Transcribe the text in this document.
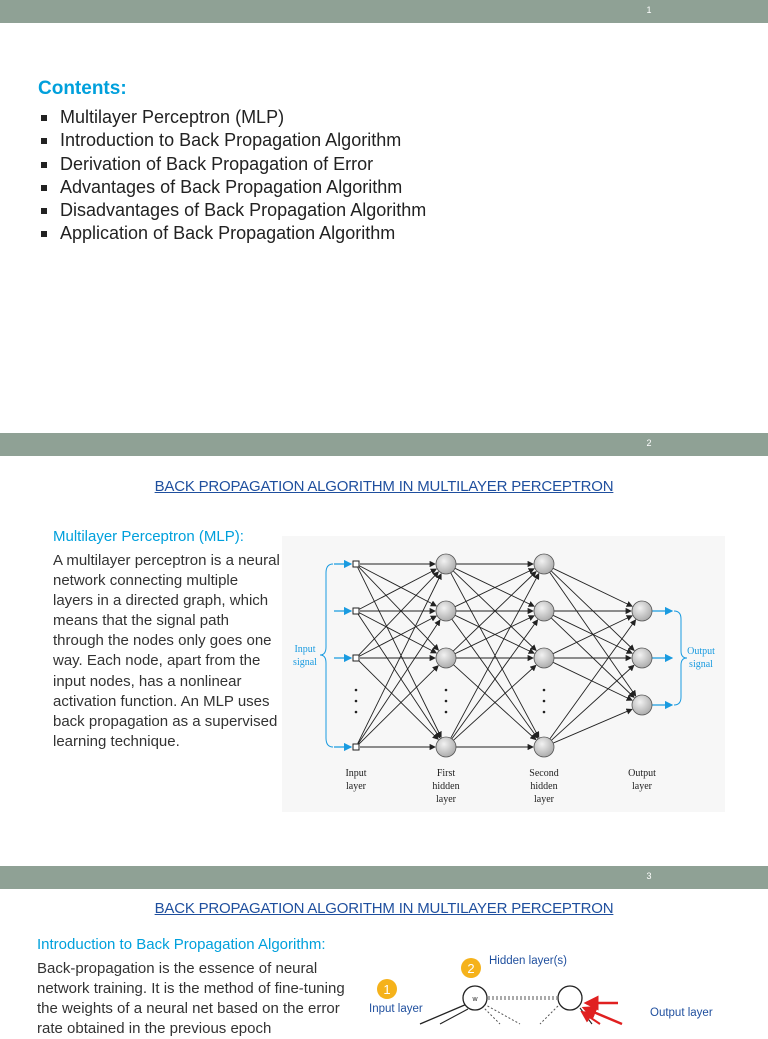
1
Contents:
Multilayer Perceptron (MLP)
Introduction to Back Propagation Algorithm
Derivation of Back Propagation of Error
Advantages of Back Propagation Algorithm
Disadvantages of Back Propagation Algorithm
Application of Back Propagation Algorithm
2
BACK PROPAGATION ALGORITHM IN MULTILAYER PERCEPTRON
Multilayer Perceptron (MLP):

A multilayer perceptron is a neural network connecting multiple layers in a directed graph, which means that the signal path through the nodes only goes one way. Each node, apart from the input nodes, has a nonlinear activation function. An MLP uses back propagation as a supervised learning technique.

Input signal
Output signal
Input layer
First hidden layer
Second hidden layer
Output layer
3
BACK PROPAGATION ALGORITHM IN MULTILAYER PERCEPTRON
Introduction to Back Propagation Algorithm:

Back-propagation is the essence of neural network training. It is the method of fine-tuning the weights of a neural net based on the error rate obtained in the previous epoch

1
2 Hidden layer(s)
Input layer	Output layer
w
